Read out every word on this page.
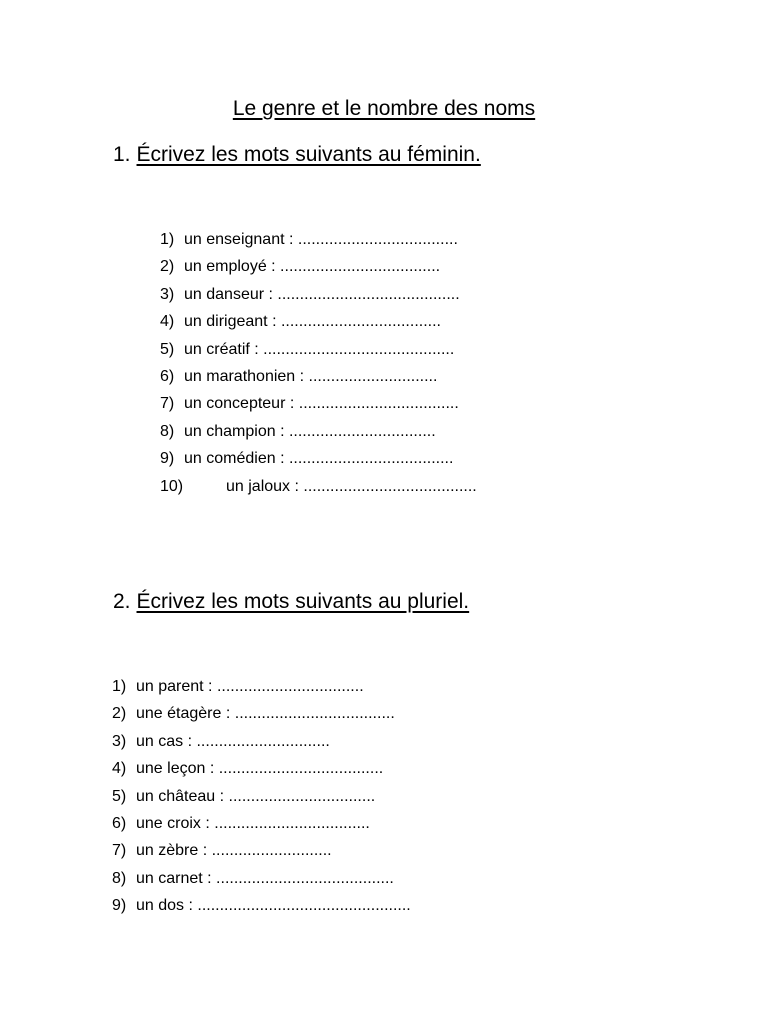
Le genre et le nombre des noms
1. Écrivez les mots suivants au féminin.
1) un enseignant : ....................................
2) un employé : ....................................
3) un danseur : .........................................
4) un dirigeant : ....................................
5) un créatif : ...........................................
6) un marathonien : .............................
7) un concepteur : ....................................
8) un champion : .................................
9) un comédien : .....................................
10)	un jaloux : .......................................
2. Écrivez les mots suivants au pluriel.
1) un parent : .................................
2) une étagère : ....................................
3) un cas : ..............................
4) une leçon : .....................................
5) un château : .................................
6) une croix : ...................................
7) un zèbre : ...........................
8) un carnet : ........................................
9) un dos : ................................................
